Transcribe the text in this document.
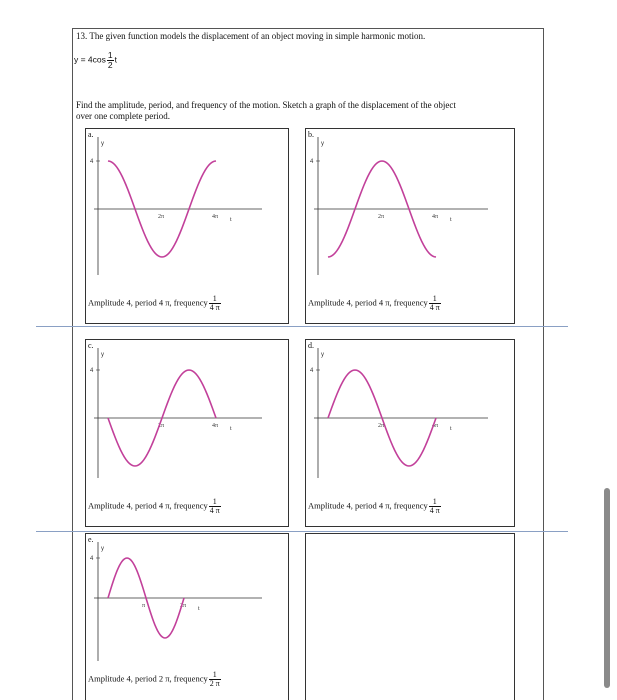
13. The given function models the displacement of an object moving in simple harmonic motion.
$y = 4\cos \frac{1}{2}$ t
Find the amplitude, period, and frequency of the motion. Sketch a graph of the displacement of the object
over one complete period.
a.
y
4
2π	4π t
Amplitude 4, period 4 π, frequency $\frac{1}{4 \pi}$
b.
y
4
2π	4π t
Amplitude 4, period 4 π, frequency $\frac{1}{4 \pi}$
c.
y
4
2π	4π t
Amplitude 4, period 4 π, frequency $\frac{1}{4 \pi}$
d.
y
4
2π	4π t
Amplitude 4, period 4 π, frequency $\frac{1}{4 \pi}$
e.
y
4
π	2π t
Amplitude 4, period 2 π, frequency $\frac{1}{2 \pi}$
